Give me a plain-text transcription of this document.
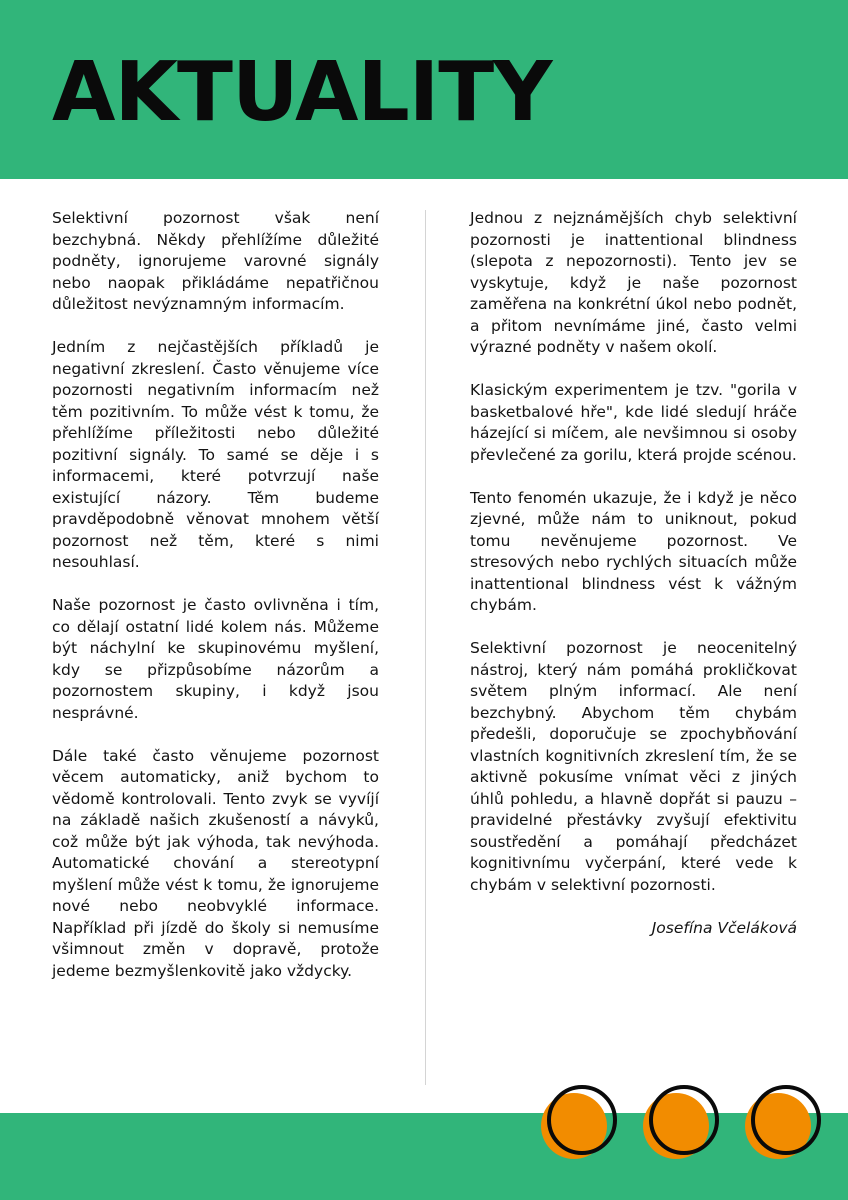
AKTUALITY

Selektivní pozornost však není bezchybná. Někdy přehlížíme důležité podněty, ignorujeme varovné signály nebo naopak přikládáme nepatřičnou důležitost nevýznamným informacím.

Jedním z nejčastějších příkladů je negativní zkreslení. Často věnujeme více pozornosti negativním informacím než těm pozitivním. To může vést k tomu, že přehlížíme příležitosti nebo důležité pozitivní signály. To samé se děje i s informacemi, které potvrzují naše existující názory. Těm budeme pravděpodobně věnovat mnohem větší pozornost než těm, které s nimi nesouhlasí.

Naše pozornost je často ovlivněna i tím, co dělají ostatní lidé kolem nás. Můžeme být náchylní ke skupinovému myšlení, kdy se přizpůsobíme názorům a pozornostem skupiny, i když jsou nesprávné.

Dále také často věnujeme pozornost věcem automaticky, aniž bychom to vědomě kontrolovali. Tento zvyk se vyvíjí na základě našich zkušeností a návyků, což může být jak výhoda, tak nevýhoda. Automatické chování a stereotypní myšlení může vést k tomu, že ignorujeme nové nebo neobvyklé informace. Například při jízdě do školy si nemusíme všimnout změn v dopravě, protože jedeme bezmyšlenkovitě jako vždycky.

Jednou z nejznámějších chyb selektivní pozornosti je inattentional blindness (slepota z nepozornosti). Tento jev se vyskytuje, když je naše pozornost zaměřena na konkrétní úkol nebo podnět, a přitom nevnímáme jiné, často velmi výrazné podněty v našem okolí.

Klasickým experimentem je tzv. "gorila v basketbalové hře", kde lidé sledují hráče házející si míčem, ale nevšimnou si osoby převlečené za gorilu, která projde scénou.

Tento fenomén ukazuje, že i když je něco zjevné, může nám to uniknout, pokud tomu nevěnujeme pozornost. Ve stresových nebo rychlých situacích může inattentional blindness vést k vážným chybám.

Selektivní pozornost je neocenitelný nástroj, který nám pomáhá prokličkovat světem plným informací. Ale není bezchybný. Abychom těm chybám předešli, doporučuje se zpochybňování vlastních kognitivních zkreslení tím, že se aktivně pokusíme vnímat věci z jiných úhlů pohledu, a hlavně dopřát si pauzu – pravidelné přestávky zvyšují efektivitu soustředění a pomáhají předcházet kognitivnímu vyčerpání, které vede k chybám v selektivní pozornosti.

Josefína Včeláková
